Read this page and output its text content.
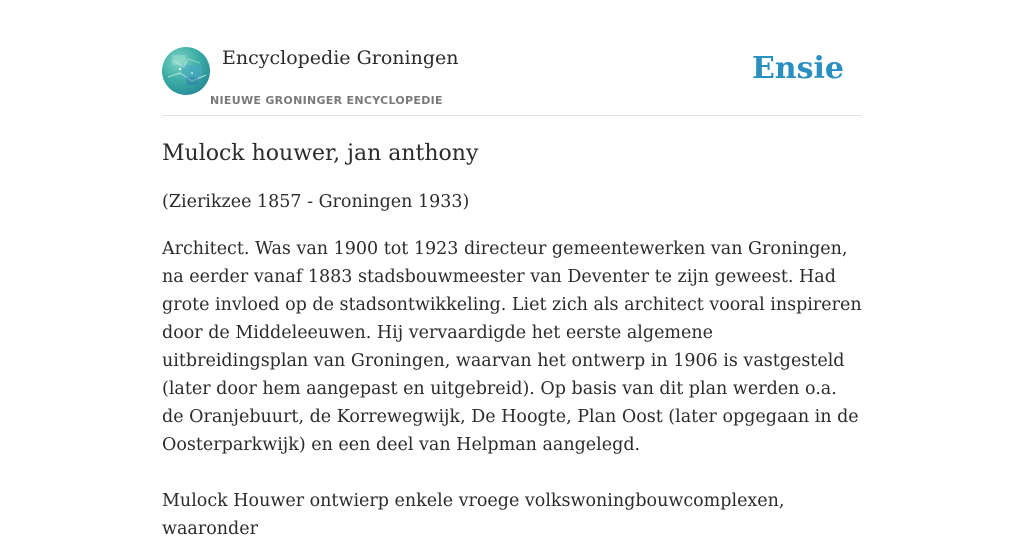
Encyclopedie Groningen
NIEUWE GRONINGER ENCYCLOPEDIE
Ensie
Mulock houwer, jan anthony
(Zierikzee 1857 - Groningen 1933)

Architect. Was van 1900 tot 1923 directeur gemeentewerken van Groningen, na eerder vanaf 1883 stadsbouwmeester van Deventer te zijn geweest. Had grote invloed op de stadsontwikkeling. Liet zich als architect vooral inspireren door de Middeleeuwen. Hij vervaardigde het eerste algemene uitbreidingsplan van Groningen, waarvan het ontwerp in 1906 is vastgesteld (later door hem aangepast en uitgebreid). Op basis van dit plan werden o.a. de Oranjebuurt, de Korrewegwijk, De Hoogte, Plan Oost (later opgegaan in de Oosterparkwijk) en een deel van Helpman aangelegd.

Mulock Houwer ontwierp enkele vroege volkswoningbouwcomplexen, waaronder
